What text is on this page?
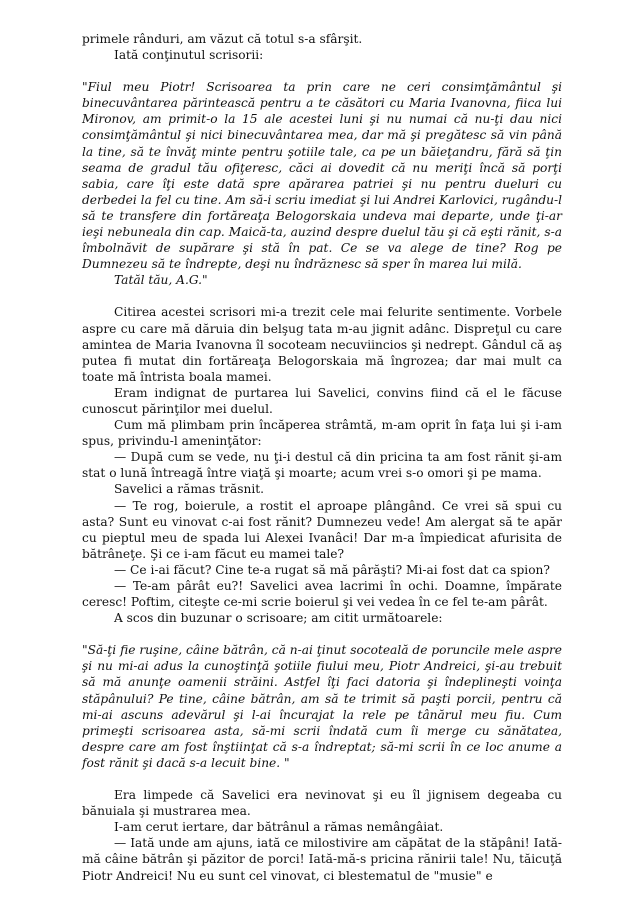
primele rânduri, am văzut că totul s-a sfârşit.

Iată conţinutul scrisorii:

"Fiul meu Piotr! Scrisoarea ta prin care ne ceri consimţământul şi binecuvântarea părintească pentru a te căsători cu Maria Ivanovna, fiica lui Mironov, am primit-o la 15 ale acestei luni şi nu numai că nu-ţi dau nici consimţământul şi nici binecuvântarea mea, dar mă şi pregătesc să vin până la tine, să te învăţ minte pentru şotiile tale, ca pe un băieţandru, fără să ţin seama de gradul tău ofiţeresc, căci ai dovedit că nu meriţi încă să porţi sabia, care îţi este dată spre apărarea patriei şi nu pentru dueluri cu derbedei la fel cu tine. Am să-i scriu imediat şi lui Andrei Karlovici, rugându-l să te transfere din fortăreaţa Belogorskaia undeva mai departe, unde ţi-ar ieşi nebuneala din cap. Maică-ta, auzind despre duelul tău şi că eşti rănit, s-a îmbolnăvit de supărare şi stă în pat. Ce se va alege de tine? Rog pe Dumnezeu să te îndrepte, deşi nu îndrăznesc să sper în marea lui milă.

Tatăl tău, A.G."

Citirea acestei scrisori mi-a trezit cele mai felurite sentimente. Vorbele aspre cu care mă dăruia din belşug tata m-au jignit adânc. Dispreţul cu care amintea de Maria Ivanovna îl socoteam necuviincios şi nedrept. Gândul că aş putea fi mutat din fortăreaţa Belogorskaia mă îngrozea; dar mai mult ca toate mă întrista boala mamei.

Eram indignat de purtarea lui Savelici, convins fiind că el le făcuse cunoscut părinţilor mei duelul.

Cum mă plimbam prin încăperea strâmtă, m-am oprit în faţa lui şi i-am spus, privindu-l ameninţător:

— După cum se vede, nu ţi-i destul că din pricina ta am fost rănit şi-am stat o lună întreagă între viaţă şi moarte; acum vrei s-o omori şi pe mama.

Savelici a rămas trăsnit.

— Te rog, boierule, a rostit el aproape plângând. Ce vrei să spui cu asta? Sunt eu vinovat c-ai fost rănit? Dumnezeu vede! Am alergat să te apăr cu pieptul meu de spada lui Alexei Ivanâci! Dar m-a împiedicat afurisita de bătrâneţe. Şi ce i-am făcut eu mamei tale?

— Ce i-ai făcut? Cine te-a rugat să mă pârăşti? Mi-ai fost dat ca spion?

— Te-am pârât eu?! Savelici avea lacrimi în ochi. Doamne, împărate ceresc! Poftim, citeşte ce-mi scrie boierul şi vei vedea în ce fel te-am pârât.

A scos din buzunar o scrisoare; am citit următoarele:

"Să-ţi fie ruşine, câine bătrân, că n-ai ţinut socoteală de poruncile mele aspre şi nu mi-ai adus la cunoştinţă şotiile fiului meu, Piotr Andreici, şi-au trebuit să mă anunţe oamenii străini. Astfel îţi faci datoria şi îndeplineşti voinţa stăpânului? Pe tine, câine bătrân, am să te trimit să paşti porcii, pentru că mi-ai ascuns adevărul şi l-ai încurajat la rele pe tânărul meu fiu. Cum primeşti scrisoarea asta, să-mi scrii îndată cum îi merge cu sănătatea, despre care am fost înştiinţat că s-a îndreptat; să-mi scrii în ce loc anume a fost rănit şi dacă s-a lecuit bine. "

Era limpede că Savelici era nevinovat şi eu îl jignisem degeaba cu bănuiala şi mustrarea mea.

I-am cerut iertare, dar bătrânul a rămas nemângâiat.

— Iată unde am ajuns, iată ce milostivire am căpătat de la stăpâni! Iată-mă câine bătrân şi păzitor de porci! Iată-mă-s pricina rănirii tale! Nu, tăicuţă Piotr Andreici! Nu eu sunt cel vinovat, ci blestematul de "musie" e
